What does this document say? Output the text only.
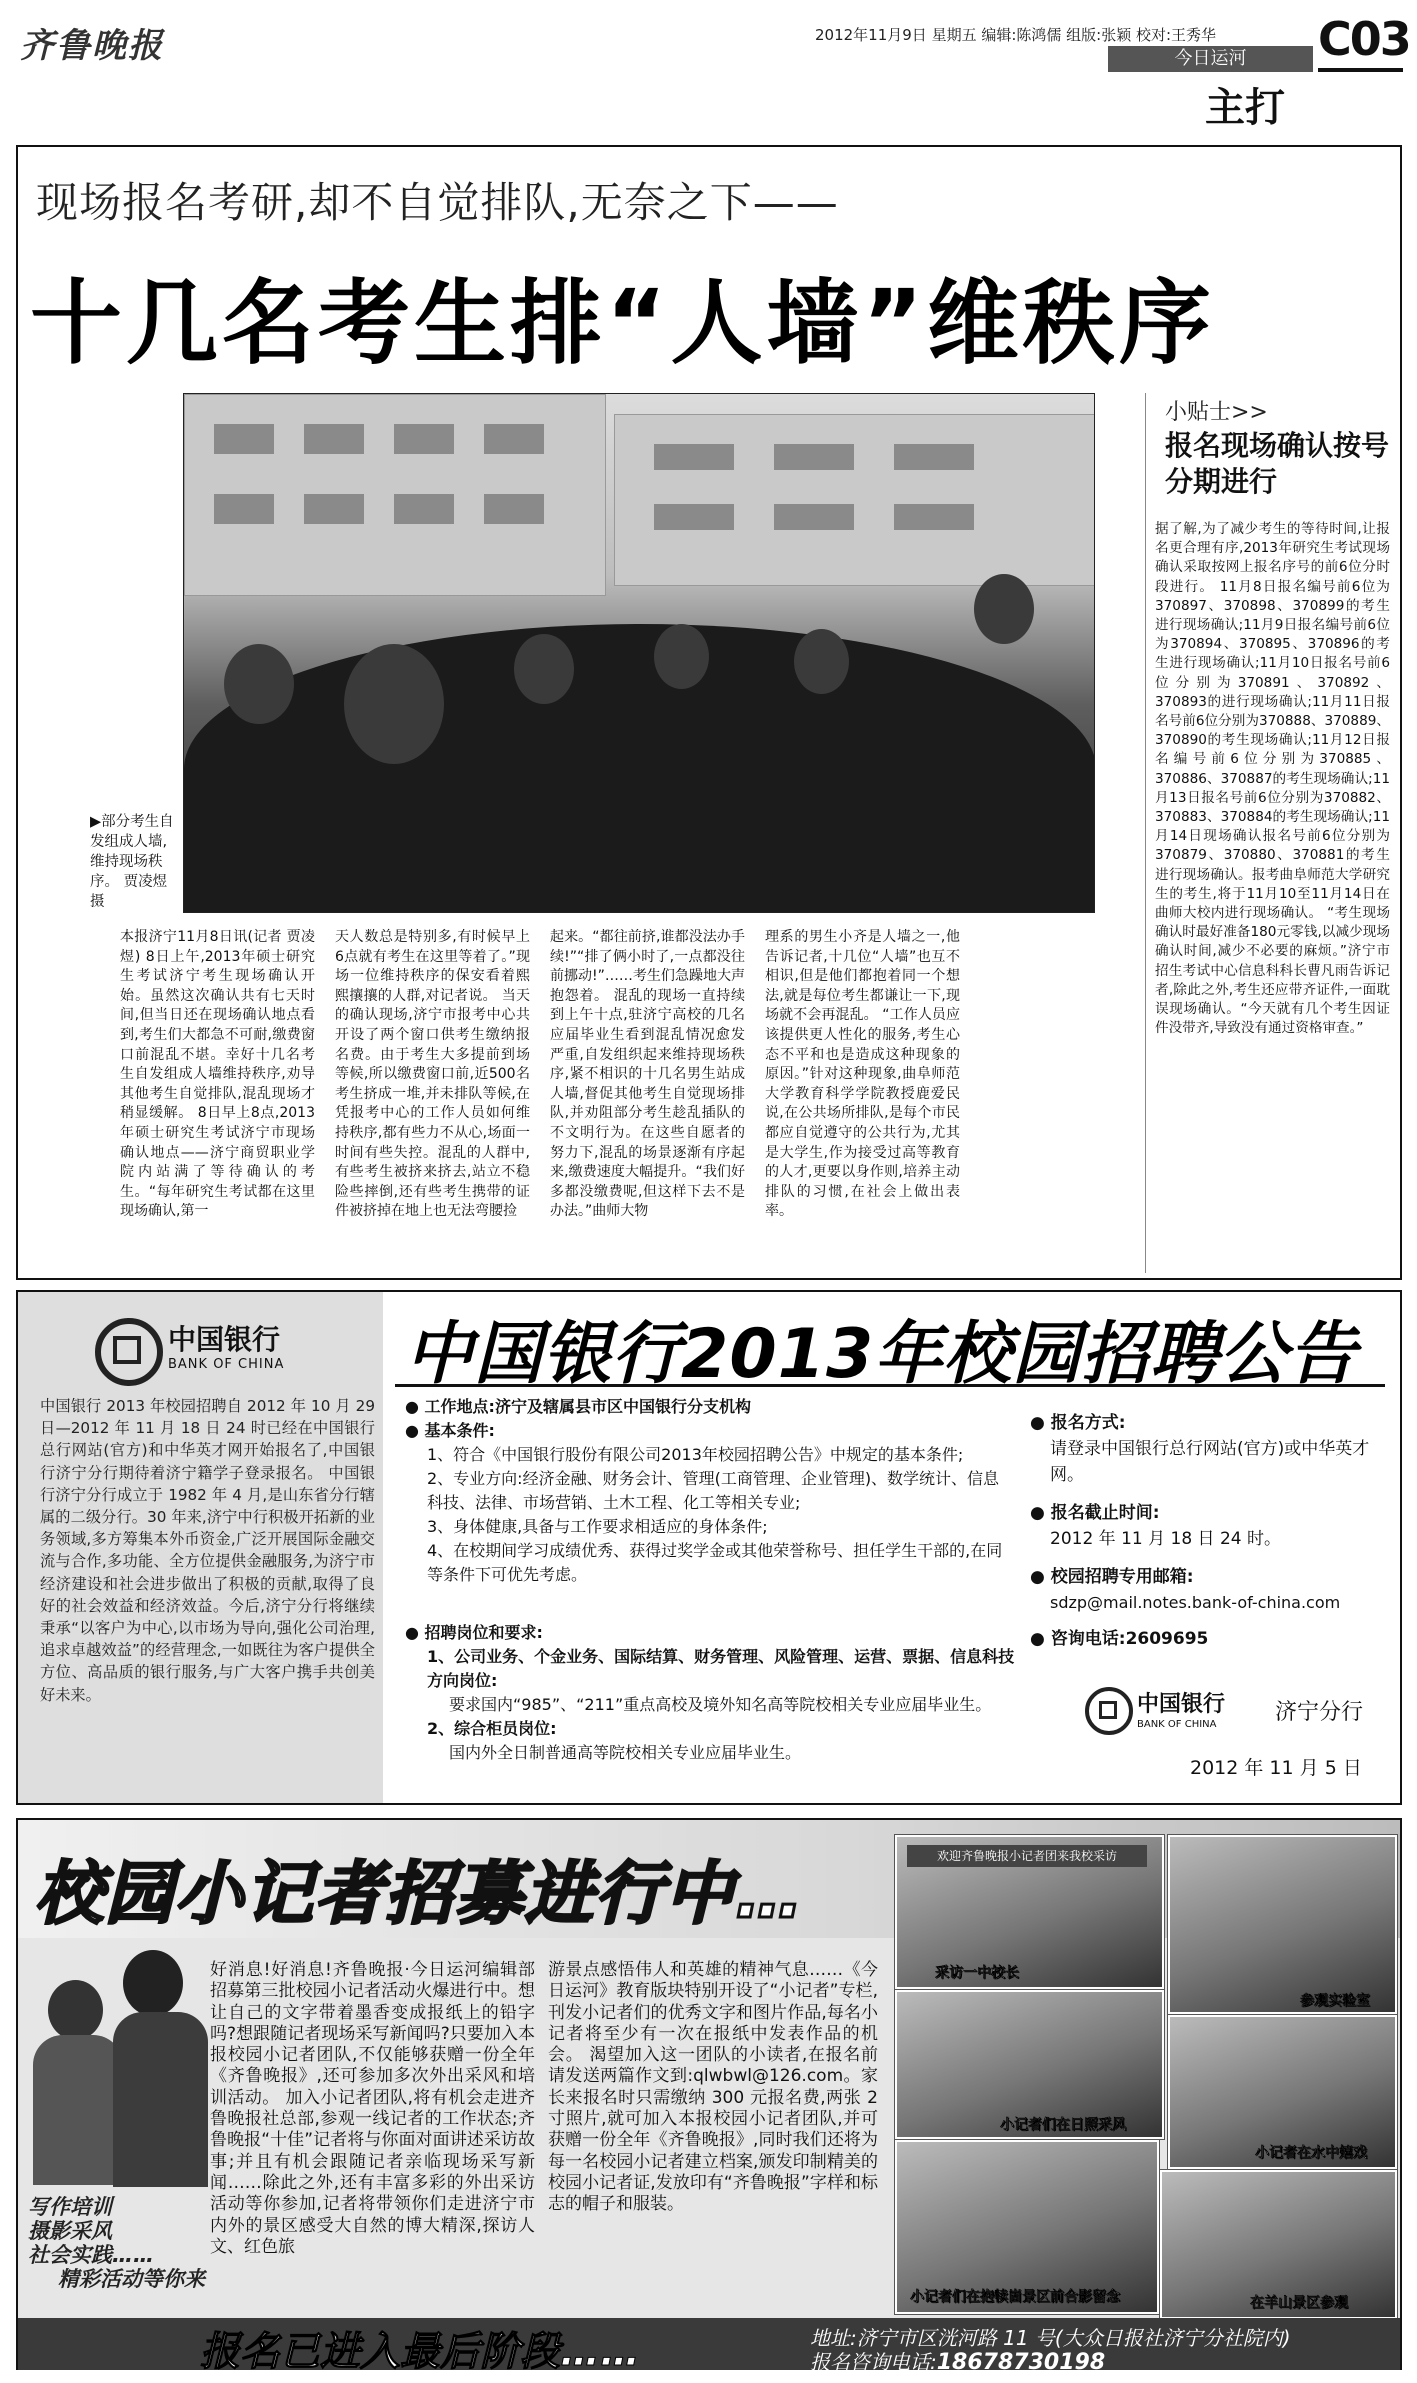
齐鲁晚报	2012年11月9日 星期五 编辑:陈鸿儒 组版:张颖 校对:王秀华 C03
今日运河
主打
现场报名考研,却不自觉排队,无奈之下——
十几名考生排“人墙”维秩序
▶部分考生自发组成人墙,维持现场秩序。 贾凌煜 摄
本报济宁11月8日讯(记者 贾凌煜) 8日上午,2013年硕士研究生考试济宁考生现场确认开始。虽然这次确认共有七天时间,但当日还在现场确认地点看到,考生们大都急不可耐,缴费窗口前混乱不堪。幸好十几名考生自发组成人墙维持秩序,劝导其他考生自觉排队,混乱现场才稍显缓解。 8日早上8点,2013年硕士研究生考试济宁市现场确认地点——济宁商贸职业学院内站满了等待确认的考生。“每年研究生考试都在这里现场确认,第一
天人数总是特别多,有时候早上6点就有考生在这里等着了。”现场一位维持秩序的保安看着熙熙攘攘的人群,对记者说。 当天的确认现场,济宁市报考中心共开设了两个窗口供考生缴纳报名费。由于考生大多提前到场等候,所以缴费窗口前,近500名考生挤成一堆,并未排队等候,在凭报考中心的工作人员如何维持秩序,都有些力不从心,场面一时间有些失控。混乱的人群中,有些考生被挤来挤去,站立不稳险些摔倒,还有些考生携带的证件被挤掉在地上也无法弯腰捡
起来。“都往前挤,谁都没法办手续!”“排了俩小时了,一点都没往前挪动!”……考生们急躁地大声抱怨着。 混乱的现场一直持续到上午十点,驻济宁高校的几名应届毕业生看到混乱情况愈发严重,自发组织起来维持现场秩序,紧不相识的十几名男生站成人墙,督促其他考生自觉现场排队,并劝阻部分考生趁乱插队的不文明行为。在这些自愿者的努力下,混乱的场景逐渐有序起来,缴费速度大幅提升。“我们好多都没缴费呢,但这样下去不是办法。”曲师大物
理系的男生小齐是人墙之一,他告诉记者,十几位“人墙”也互不相识,但是他们都抱着同一个想法,就是每位考生都谦让一下,现场就不会再混乱。 “工作人员应该提供更人性化的服务,考生心态不平和也是造成这种现象的原因。”针对这种现象,曲阜师范大学教育科学学院教授鹿爱民说,在公共场所排队,是每个市民都应自觉遵守的公共行为,尤其是大学生,作为接受过高等教育的人才,更要以身作则,培养主动排队的习惯,在社会上做出表率。
小贴士>>
报名现场确认按号分期进行
据了解,为了减少考生的等待时间,让报名更合理有序,2013年研究生考试现场确认采取按网上报名序号的前6位分时段进行。 11月8日报名编号前6位为370897、370898、370899的考生进行现场确认;11月9日报名编号前6位为370894、370895、370896的考生进行现场确认;11月10日报名号前6位分别为370891、370892、370893的进行现场确认;11月11日报名号前6位分别为370888、370889、370890的考生现场确认;11月12日报名编号前6位分别为370885、370886、370887的考生现场确认;11月13日报名号前6位分别为370882、370883、370884的考生现场确认;11月14日现场确认报名号前6位分别为370879、370880、370881的考生进行现场确认。报考曲阜师范大学研究生的考生,将于11月10至11月14日在曲师大校内进行现场确认。 “考生现场确认时最好准备180元零钱,以减少现场确认时间,减少不必要的麻烦。”济宁市招生考试中心信息科科长曹凡雨告诉记者,除此之外,考生还应带齐证件,一面耽误现场确认。“今天就有几个考生因证件没带齐,导致没有通过资格审查。”
中国银行
BANK OF CHINA
中国银行 2013 年校园招聘自 2012 年 10 月 29 日—2012 年 11 月 18 日 24 时已经在中国银行总行网站(官方)和中华英才网开始报名了,中国银行济宁分行期待着济宁籍学子登录报名。 中国银行济宁分行成立于 1982 年 4 月,是山东省分行辖属的二级分行。30 年来,济宁中行积极开拓新的业务领域,多方筹集本外币资金,广泛开展国际金融交流与合作,多功能、全方位提供金融服务,为济宁市经济建设和社会进步做出了积极的贡献,取得了良好的社会效益和经济效益。今后,济宁分行将继续秉承“以客户为中心,以市场为导向,强化公司治理,追求卓越效益”的经营理念,一如既往为客户提供全方位、高品质的银行服务,与广大客户携手共创美好未来。
中国银行2013年校园招聘公告
● 工作地点:济宁及辖属县市区中国银行分支机构
● 基本条件:
1、符合《中国银行股份有限公司2013年校园招聘公告》中规定的基本条件;
2、专业方向:经济金融、财务会计、管理(工商管理、企业管理)、数学统计、信息科技、法律、市场营销、土木工程、化工等相关专业;
3、身体健康,具备与工作要求相适应的身体条件;
4、在校期间学习成绩优秀、获得过奖学金或其他荣誉称号、担任学生干部的,在同等条件下可优先考虑。
● 招聘岗位和要求:
1、公司业务、个金业务、国际结算、财务管理、风险管理、运营、票据、信息科技方向岗位:
要求国内“985”、“211”重点高校及境外知名高等院校相关专业应届毕业生。
2、综合柜员岗位:
国内外全日制普通高等院校相关专业应届毕业生。
● 报名方式:
请登录中国银行总行网站(官方)或中华英才网。
● 报名截止时间:
2012 年 11 月 18 日 24 时。
● 校园招聘专用邮箱:
sdzp@mail.notes.bank-of-china.com
● 咨询电话:2609695
中国银行
BANK OF CHINA	济宁分行
2012 年 11 月 5 日
校园小记者招募进行中…
写作培训
摄影采风
社会实践……
精彩活动等你来
好消息!好消息!齐鲁晚报·今日运河编辑部招募第三批校园小记者活动火爆进行中。想让自己的文字带着墨香变成报纸上的铅字吗?想跟随记者现场采写新闻吗?只要加入本报校园小记者团队,不仅能够获赠一份全年《齐鲁晚报》,还可参加多次外出采风和培训活动。 加入小记者团队,将有机会走进齐鲁晚报社总部,参观一线记者的工作状态;齐鲁晚报“十佳”记者将与你面对面讲述采访故事;并且有机会跟随记者亲临现场采写新闻……除此之外,还有丰富多彩的外出采访活动等你参加,记者将带领你们走进济宁市内外的景区感受大自然的博大精深,探访人文、红色旅
游景点感悟伟人和英雄的精神气息……《今日运河》教育版块特别开设了“小记者”专栏,刊发小记者们的优秀文字和图片作品,每名小记者将至少有一次在报纸中发表作品的机会。 渴望加入这一团队的小读者,在报名前请发送两篇作文到:qlwbwl@126.com。家长来报名时只需缴纳 300 元报名费,两张 2 寸照片,就可加入本报校园小记者团队,并可获赠一份全年《齐鲁晚报》,同时我们还将为每一名校园小记者建立档案,颁发印制精美的校园小记者证,发放印有“齐鲁晚报”字样和标志的帽子和服装。
欢迎齐鲁晚报小记者团来我校采访
采访一中校长
参观实验室
小记者们在日照采风
小记者在水中嬉戏
小记者们在抱犊崮景区前合影留念	在羊山景区参观
报名已进入最后阶段……	地址:济宁市区洸河路 11 号(大众日报社济宁分社院内)
报名咨询电话:18678730198
